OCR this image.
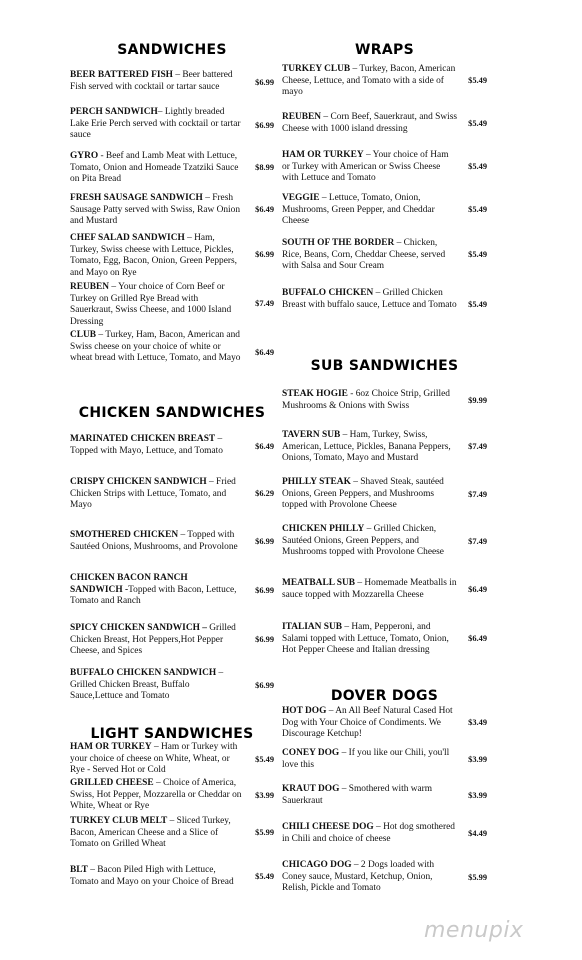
SANDWICHES
BEER BATTERED FISH – Beer battered Fish served with cocktail or tartar sauce	$6.99
PERCH SANDWICH– Lightly breaded Lake Erie Perch served with cocktail or tartar sauce
$6.99
GYRO - Beef and Lamb Meat with Lettuce, Tomato, Onion and Homeade Tzatziki Sauce on Pita Bread
$8.99
FRESH SAUSAGE SANDWICH – Fresh Sausage Patty served with Swiss, Raw Onion and Mustard
$6.49
CHEF SALAD SANDWICH – Ham, Turkey, Swiss cheese with Lettuce, Pickles, Tomato, Egg, Bacon, Onion, Green Peppers, and Mayo on Rye
$6.99
REUBEN – Your choice of Corn Beef or Turkey on Grilled Rye Bread with Sauerkraut, Swiss Cheese, and 1000 Island Dressing
$7.49
CLUB – Turkey, Ham, Bacon, American and Swiss cheese on your choice of white or wheat bread with Lettuce, Tomato, and Mayo
$6.49
CHICKEN SANDWICHES
MARINATED CHICKEN BREAST – Topped with Mayo, Lettuce, and Tomato	$6.49
CRISPY CHICKEN SANDWICH – Fried Chicken Strips with Lettuce, Tomato, and Mayo
$6.29
SMOTHERED CHICKEN – Topped with Sautéed Onions, Mushrooms, and Provolone
$6.99
CHICKEN BACON RANCH SANDWICH -Topped with Bacon, Lettuce, Tomato and Ranch
$6.99
SPICY CHICKEN SANDWICH – Grilled Chicken Breast, Hot Peppers,Hot Pepper Cheese, and Spices
$6.99
BUFFALO CHICKEN SANDWICH – Grilled Chicken Breast, Buffalo Sauce,Lettuce and Tomato
$6.99
LIGHT SANDWICHES
HAM OR TURKEY – Ham or Turkey with your choice of cheese on White, Wheat, or Rye - Served Hot or Cold
$5.49
GRILLED CHEESE – Choice of America, Swiss, Hot Pepper, Mozzarella or Cheddar on White, Wheat or Rye
$3.99
TURKEY CLUB MELT – Sliced Turkey, Bacon, American Cheese and a Slice of Tomato on Grilled Wheat
$5.99
BLT – Bacon Piled High with Lettuce, Tomato and Mayo on your Choice of Bread
$5.49
WRAPS
TURKEY CLUB – Turkey, Bacon, American Cheese, Lettuce, and Tomato with a side of mayo
$5.49
REUBEN – Corn Beef, Sauerkraut, and Swiss Cheese with 1000 island dressing
$5.49
HAM OR TURKEY – Your choice of Ham or Turkey with American or Swiss Cheese with Lettuce and Tomato
$5.49
VEGGIE – Lettuce, Tomato, Onion, Mushrooms, Green Pepper, and Cheddar Cheese
$5.49
SOUTH OF THE BORDER – Chicken, Rice, Beans, Corn, Cheddar Cheese, served with Salsa and Sour Cream
$5.49
BUFFALO CHICKEN – Grilled Chicken Breast with buffalo sauce, Lettuce and Tomato $5.49
SUB SANDWICHES
STEAK HOGIE - 6oz Choice Strip, Grilled Mushrooms & Onions with Swiss
$9.99
TAVERN SUB – Ham, Turkey, Swiss, American, Lettuce, Pickles, Banana Peppers, Onions, Tomato, Mayo and Mustard
$7.49
PHILLY STEAK – Shaved Steak, sautéed Onions, Green Peppers, and Mushrooms topped with Provolone Cheese
$7.49
CHICKEN PHILLY – Grilled Chicken, Sautéed Onions, Green Peppers, and Mushrooms topped with Provolone Cheese
$7.49
MEATBALL SUB – Homemade Meatballs in sauce topped with Mozzarella Cheese
$6.49
ITALIAN SUB – Ham, Pepperoni, and Salami topped with Lettuce, Tomato, Onion, Hot Pepper Cheese and Italian dressing
$6.49
DOVER DOGS
HOT DOG – An All Beef Natural Cased Hot Dog with Your Choice of Condiments. We Discourage Ketchup!
$3.49
CONEY DOG – If you like our Chili, you'll love this
$3.99
KRAUT DOG – Smothered with warm Sauerkraut
$3.99
CHILI CHEESE DOG – Hot dog smothered in Chili and choice of cheese
$4.49
CHICAGO DOG – 2 Dogs loaded with Coney sauce, Mustard, Ketchup, Onion, Relish, Pickle and Tomato
$5.99
menupix
